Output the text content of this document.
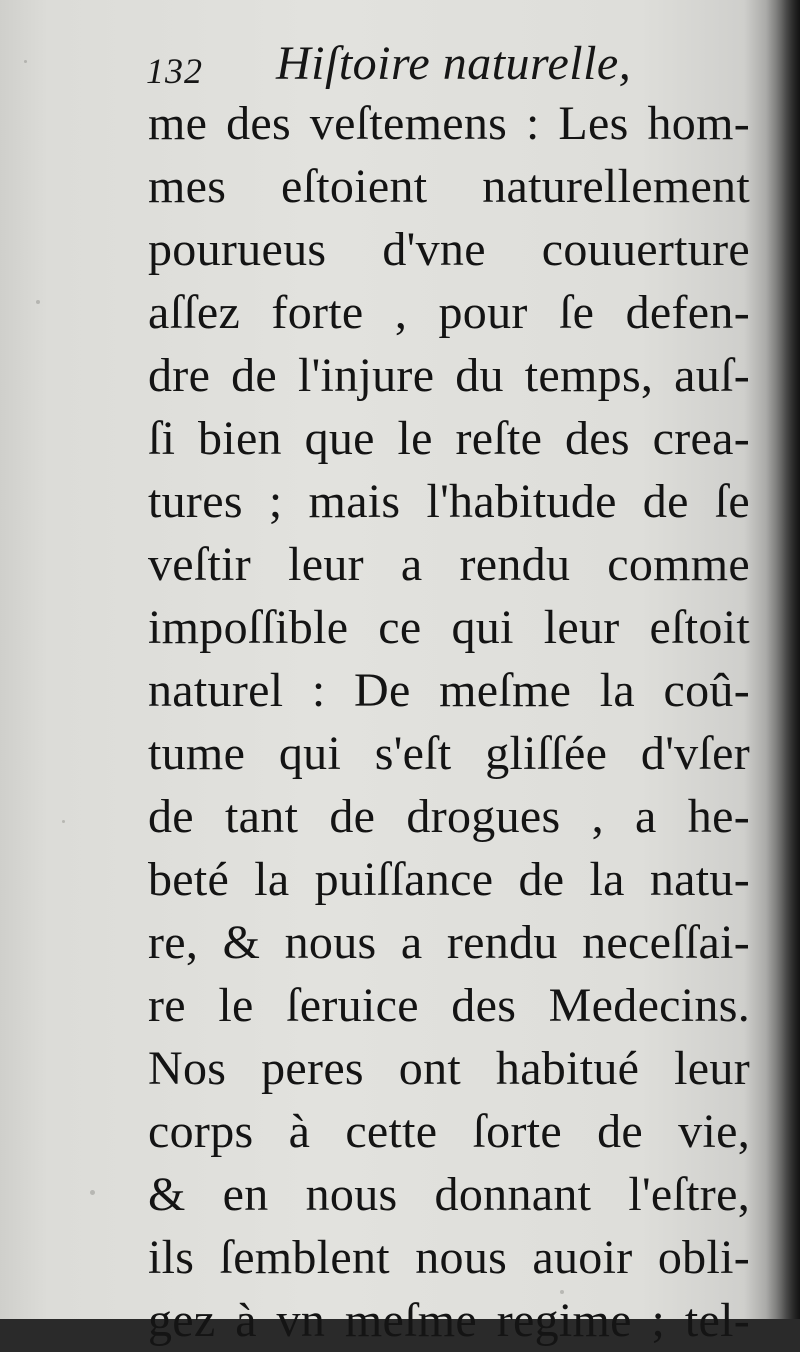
132 Hiſtoire naturelle,
me des veſtemens : Les hom-
mes eſtoient naturellement
pourueus d'vne couuerture
aſſez forte , pour ſe defen-
dre de l'injure du temps, auſ-
ſi bien que le reſte des crea-
tures ; mais l'habitude de ſe
veſtir leur a rendu comme
impoſſible ce qui leur eſtoit
naturel : De meſme la coû-
tume qui s'eſt gliſſée d'vſer
de tant de drogues , a he-
beté la puiſſance de la natu-
re, & nous a rendu neceſſai-
re le ſeruice des Medecins.
Nos peres ont habitué leur
corps à cette ſorte de vie,
& en nous donnant l'eſtre,
ils ſemblent nous auoir obli-
gez à vn meſme regime ; tel-
